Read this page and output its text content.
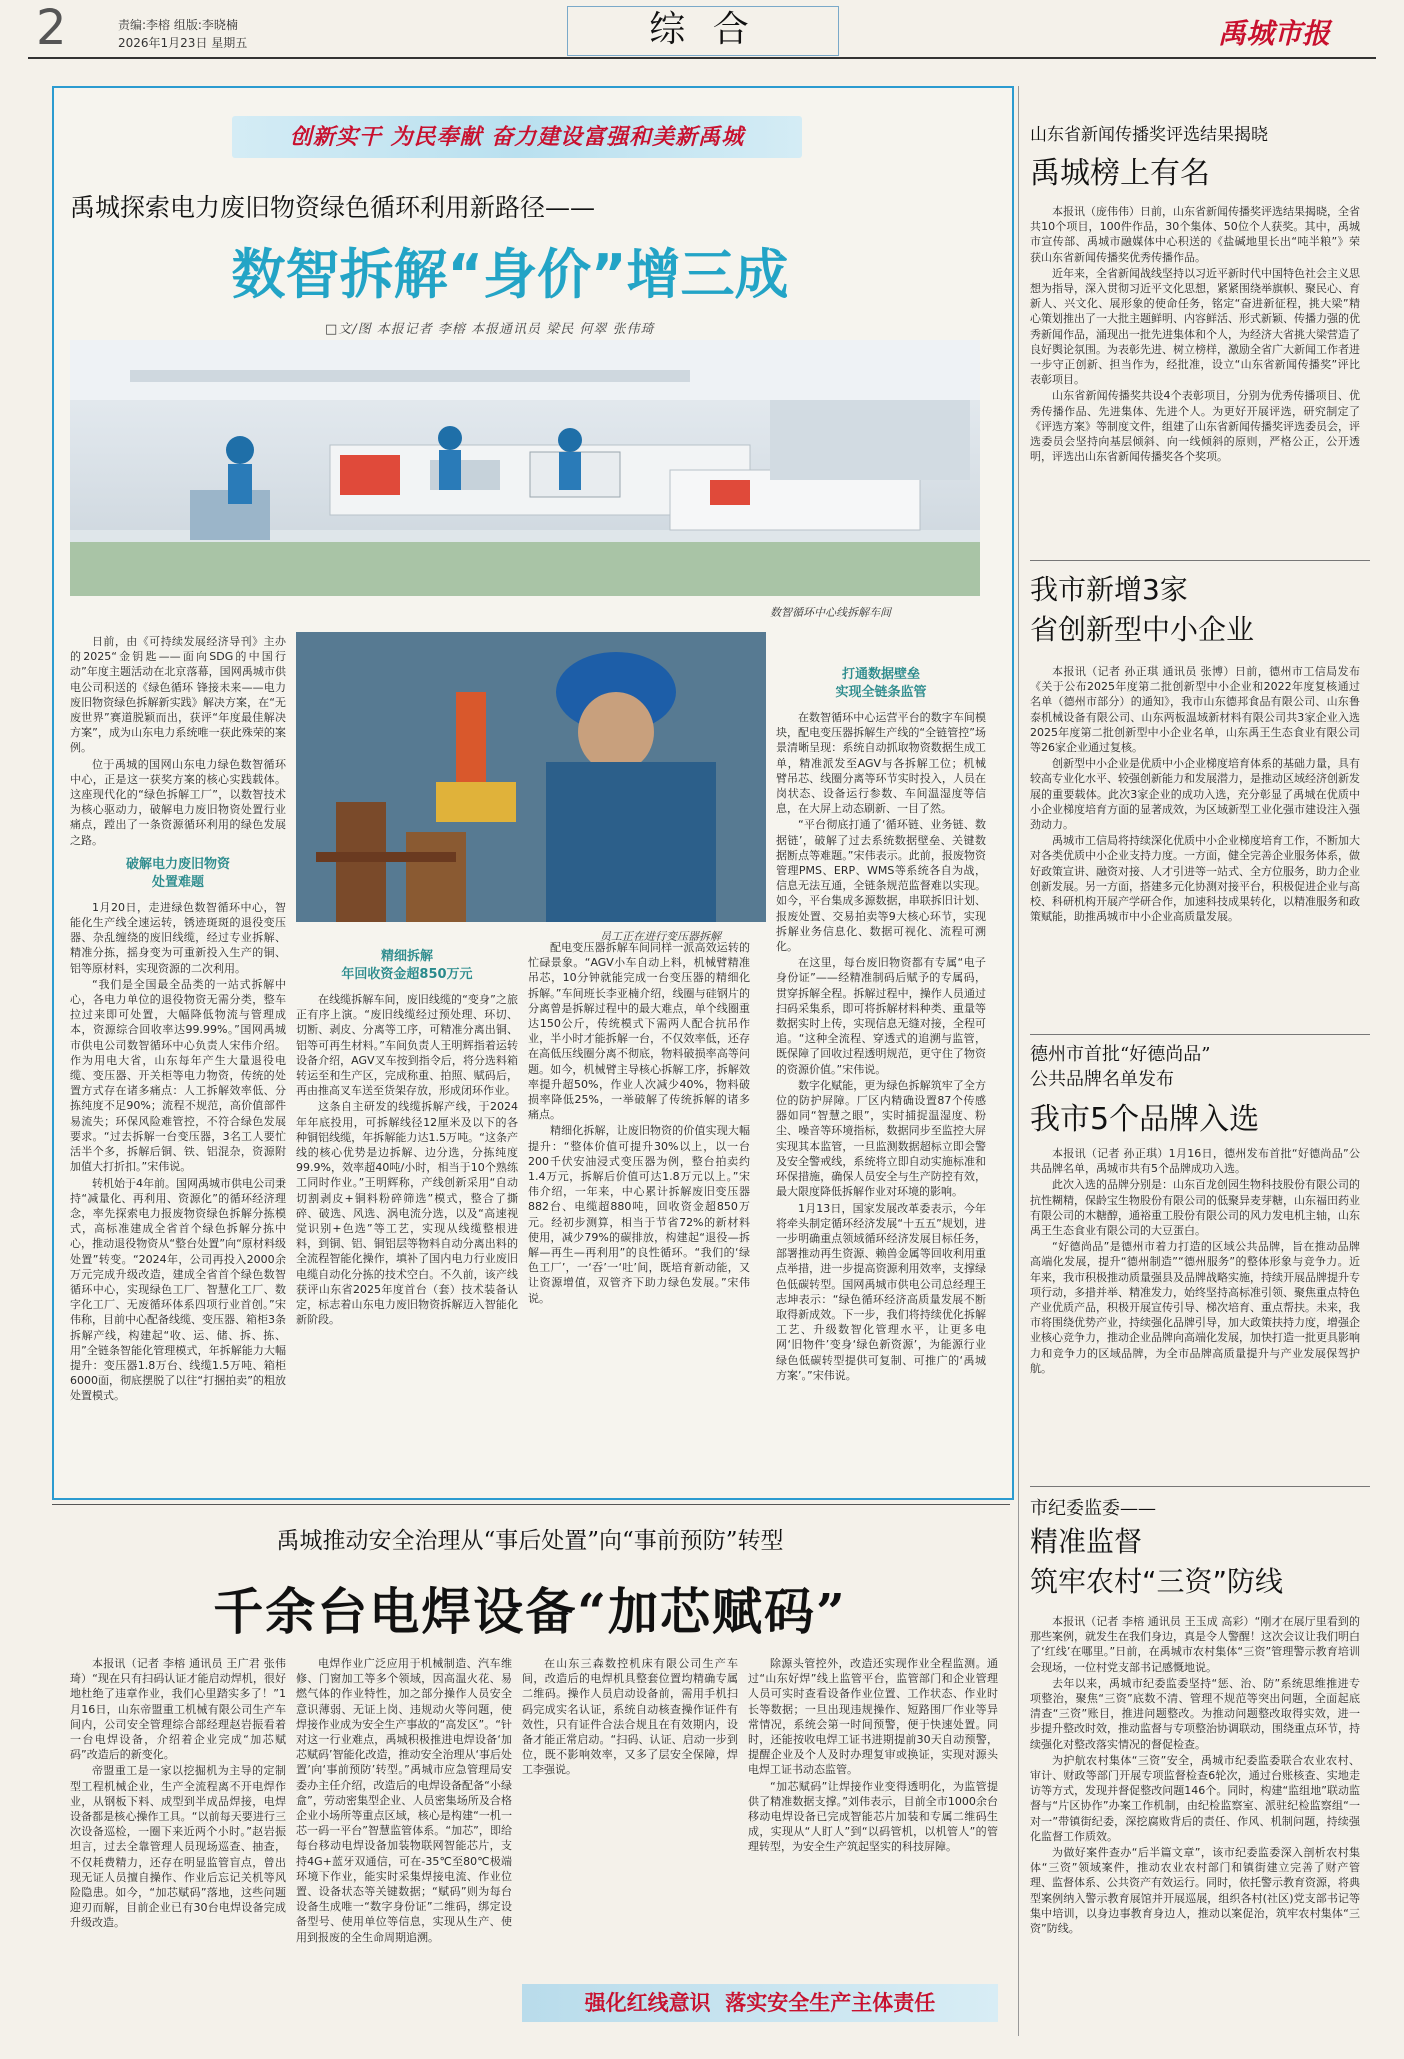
2	责编:李榕 组版:李晓楠
2026年1月23日 星期五	综 合	禹城市报
创新实干 为民奉献 奋力建设富强和美新禹城
禹城探索电力废旧物资绿色循环利用新路径——
数智拆解“身价”增三成
□文/图 本报记者 李榕 本报通讯员 梁民 何翠 张伟琦
数智循环中心线拆解车间
员工正在进行变压器拆解

日前，由《可持续发展经济导刊》主办的2025“金钥匙——面向SDG的中国行动”年度主题活动在北京落幕，国网禹城市供电公司积送的《绿色循环 锋接未来——电力废旧物资绿色拆解新实践》解决方案，在“无废世界”赛道脱颖而出，获评“年度最佳解决方案”，成为山东电力系统唯一获此殊荣的案例。

位于禹城的国网山东电力绿色数智循环中心，正是这一获奖方案的核心实践载体。这座现代化的“绿色拆解工厂”，以数智技术为核心驱动力，破解电力废旧物资处置行业痛点，蹚出了一条资源循环利用的绿色发展之路。

破解电力废旧物资
处置难题

1月20日，走进绿色数智循环中心，智能化生产线全速运转，锈迹斑斑的退役变压器、杂乱缠绕的废旧线缆，经过专业拆解、精准分拣，摇身变为可重新投入生产的铜、铝等原材料，实现资源的二次利用。

“我们是全国最全品类的一站式拆解中心，各电力单位的退役物资无需分类，整车拉过来即可处置，大幅降低物流与管理成本，资源综合回收率达99.99%。”国网禹城市供电公司数智循环中心负责人宋伟介绍。作为用电大省，山东每年产生大量退役电缆、变压器、开关柜等电力物资，传统的处置方式存在诸多痛点：人工拆解效率低、分拣纯度不足90%；流程不规范，高价值部件易流失；环保风险难管控，不符合绿色发展要求。“过去拆解一台变压器，3名工人要忙活半个多，拆解后铜、铁、铝混杂，资源附加值大打折扣。”宋伟说。

转机始于4年前。国网禹城市供电公司秉持“减量化、再利用、资源化”的循环经济理念，率先探索电力报废物资绿色拆解分拣模式，高标准建成全省首个绿色拆解分拣中心，推动退役物资从“整台处置”向“原材料级处置”转变。“2024年，公司再投入2000余万元完成升级改造，建成全省首个绿色数智循环中心，实现绿色工厂、智慧化工厂、数字化工厂、无废循环体系四项行业首创。”宋伟称，目前中心配备线缆、变压器、箱柜3条拆解产线，构建起“收、运、储、拆、拣、用”全链条智能化管理模式，年拆解能力大幅提升：变压器1.8万台、线缆1.5万吨、箱柜6000面，彻底摆脱了以往“打捆拍卖”的粗放处置模式。

精细拆解
年回收资金超850万元

在线缆拆解车间，废旧线缆的“变身”之旅正有序上演。“废旧线缆经过预处理、环切、切断、剥皮、分离等工序，可精准分离出铜、铝等可再生材料。”车间负责人王明辉指着运转设备介绍，AGV叉车按到指令后，将分选料箱转运至和生产区，完成称重、拍照、赋码后，再由推高叉车送至货架存放，形成闭环作业。

这条自主研发的线缆拆解产线，于2024年年底投用，可拆解线径12厘米及以下的各种铜铝线缆，年拆解能力达1.5万吨。“这条产线的核心优势是边拆解、边分选，分拣纯度99.9%，效率超40吨/小时，相当于10个熟练工同时作业。”王明辉称，产线创新采用“自动切割剥皮+铜料粉碎筛选”模式，整合了撕碎、破选、风选、涡电流分选，以及“高速视觉识别+色选”等工艺，实现从线缆整根进料，到铜、铝、铜铝层等物料自动分离出料的全流程智能化操作，填补了国内电力行业废旧电缆自动化分拣的技术空白。不久前，该产线获评山东省2025年度首台（套）技术装备认定，标志着山东电力废旧物资拆解迈入智能化新阶段。

配电变压器拆解车间同样一派高效运转的忙碌景象。“AGV小车自动上料，机械臂精准吊芯，10分钟就能完成一台变压器的精细化拆解。”车间班长李亚楠介绍，线圈与硅钢片的分离曾是拆解过程中的最大难点，单个线圈重达150公斤，传统模式下需两人配合抗吊作业，半小时才能拆解一台，不仅效率低，还存在高低压线圈分离不彻底，物料破损率高等问题。如今，机械臂主导核心拆解工序，拆解效率提升超50%，作业人次减少40%，物料破损率降低25%，一举破解了传统拆解的诸多痛点。

精细化拆解，让废旧物资的价值实现大幅提升：“整体价值可提升30%以上，以一台200千伏安油浸式变压器为例，整台拍卖约1.4万元，拆解后价值可达1.8万元以上。”宋伟介绍，一年来，中心累计拆解废旧变压器882台、电缆超880吨，回收资金超850万元。经初步测算，相当于节省72%的新材料使用，减少79%的碳排放，构建起“退役—拆解—再生—再利用”的良性循环。“我们的‘绿色工厂’，一‘吞’一‘吐’间，既培育新动能，又让资源增值，双管齐下助力绿色发展。”宋伟说。

打通数据壁垒
实现全链条监管

在数智循环中心运营平台的数字车间模块，配电变压器拆解生产线的“全链管控”场景清晰呈现：系统自动抓取物资数据生成工单，精准派发至AGV与各拆解工位；机械臂吊芯、线圈分离等环节实时投入，人员在岗状态、设备运行参数、车间温湿度等信息，在大屏上动态刷新、一目了然。

“平台彻底打通了‘循环链、业务链、数据链’，破解了过去系统数据壁垒、关键数据断点等难题。”宋伟表示。此前，报废物资管理PMS、ERP、WMS等系统各自为战，信息无法互通，全链条规范监督难以实现。如今，平台集成多源数据，串联拆旧计划、报废处置、交易拍卖等9大核心环节，实现拆解业务信息化、数据可视化、流程可溯化。

在这里，每台废旧物资都有专属“电子身份证”——经精准制码后赋予的专属码，贯穿拆解全程。拆解过程中，操作人员通过扫码采集系，即可将拆解材料种类、重量等数据实时上传，实现信息无缝对接，全程可追。“这种全流程、穿透式的追溯与监管，既保障了回收过程透明规范，更守住了物资的资源价值。”宋伟说。

数字化赋能，更为绿色拆解筑牢了全方位的防护屏障。厂区内精确设置87个传感器如同“智慧之眼”，实时捕捉温湿度、粉尘、噪音等环境指标，数据同步至监控大屏实现其本监管，一旦监测数据超标立即会警及安全警戒线，系统将立即自动实施标准和环保措施，确保人员安全与生产防控有效，最大限度降低拆解作业对环境的影响。

1月13日，国家发展改革委表示，今年将牵头制定循环经济发展“十五五”规划，进一步明确重点领域循环经济发展目标任务，部署推动再生资源、赖兽金属等回收利用重点举措，进一步提高资源利用效率，支撑绿色低碳转型。国网禹城市供电公司总经理王志坤表示：“绿色循环经济高质量发展不断取得新成效。下一步，我们将持续优化拆解工艺、升级数智化管理水平，让更多电网‘旧物件’变身‘绿色新资源’，为能源行业绿色低碳转型提供可复制、可推广的‘禹城方案’。”宋伟说。

禹城推动安全治理从“事后处置”向“事前预防”转型
千余台电焊设备“加芯赋码”

本报讯（记者 李榕 通讯员 王广君 张伟琦）“现在只有扫码认证才能启动焊机，很好地杜绝了违章作业，我们心里踏实多了！”1月16日，山东帝盟重工机械有限公司生产车间内，公司安全管理综合部经理赵岩振看着一台电焊设备，介绍着企业完成“加芯赋码”改造后的新变化。

帝盟重工是一家以挖掘机为主导的定制型工程机械企业，生产全流程离不开电焊作业，从钢板下料、成型到半成品焊接，电焊设备都是核心操作工具。“以前每天要进行三次设备巡检，一圈下来近两个小时。”赵岩振坦言，过去全靠管理人员现场巡查、抽查，不仅耗费精力，还存在明显监管盲点，曾出现无证人员擅自操作、作业后忘记关机等风险隐患。如今，“加芯赋码”落地，这些问题迎刃而解，目前企业已有30台电焊设备完成升级改造。

电焊作业广泛应用于机械制造、汽车维修、门窗加工等多个领域，因高温火花、易燃气体的作业特性，加之部分操作人员安全意识薄弱、无证上岗、违规动火等问题，使焊接作业成为安全生产事故的“高发区”。“针对这一行业难点，禹城积极推进电焊设备‘加芯赋码’智能化改造，推动安全治理从‘事后处置’向‘事前预防’转型。”禹城市应急管理局安委办主任介绍，改造后的电焊设备配备“小绿盒”，劳动密集型企业、人员密集场所及合格企业小场所等重点区域，核心是构建“一机一芯一码一平台”智慧监管体系。“加芯”，即给每台移动电焊设备加装物联网智能芯片，支持4G+蓝牙双通信，可在-35℃至80℃极端环境下作业，能实时采集焊接电流、作业位置、设备状态等关键数据；“赋码”则为每台设备生成唯一“数字身份证”二维码，绑定设备型号、使用单位等信息，实现从生产、使用到报废的全生命周期追溯。

在山东三森数控机床有限公司生产车间，改造后的电焊机具整套位置均精确专属二维码。操作人员启动设备前，需用手机扫码完成实名认证，系统自动核查操作证件有效性，只有证件合法合规且在有效期内，设备才能正常启动。“扫码、认证、启动一步到位，既不影响效率，又多了层安全保障，焊工李强说。

除源头管控外，改造还实现作业全程监测。通过“山东好焊”线上监管平台，监管部门和企业管理人员可实时查看设备作业位置、工作状态、作业时长等数据；一旦出现违规操作、短路围厂作业等异常情况，系统会第一时间预警，便于快速处置。同时，还能按收电焊工证书进期提前30天自动预警，提醒企业及个人及时办理复审或换证，实现对源头电焊工证书动态监管。

“加芯赋码”让焊接作业变得透明化，为监管提供了精准数据支撑。”刘伟表示，目前全市1000余台移动电焊设备已完成智能芯片加装和专属二维码生成，实现从“人盯人”到“以码管机，以机管人”的管理转型，为安全生产筑起坚实的科技屏障。

强化红线意识  落实安全生产主体责任
山东省新闻传播奖评选结果揭晓
禹城榜上有名

本报讯（庞伟伟）日前，山东省新闻传播奖评选结果揭晓，全省共10个项目，100件作品，30个集体、50位个人获奖。其中，禹城市宣传部、禹城市融媒体中心积送的《盐碱地里长出“吨半粮”》荣获山东省新闻传播奖优秀传播作品。

近年来，全省新闻战线坚持以习近平新时代中国特色社会主义思想为指导，深入贯彻习近平文化思想，紧紧围绕举旗帜、聚民心、育新人、兴文化、展形象的使命任务，铭定“奋进新征程，挑大梁”精心策划推出了一大批主题鲜明、内容鲜活、形式新颖、传播力强的优秀新闻作品，涌现出一批先进集体和个人，为经济大省挑大梁营造了良好舆论氛围。为表彰先进、树立榜样，激励全省广大新闻工作者进一步守正创新、担当作为，经批准，设立“山东省新闻传播奖”评比表彰项目。

山东省新闻传播奖共设4个表彰项目，分别为优秀传播项目、优秀传播作品、先进集体、先进个人。为更好开展评选，研究制定了《评选方案》等制度文件，组建了山东省新闻传播奖评选委员会，评选委员会坚持向基层倾斜、向一线倾斜的原则，严格公正，公开透明，评选出山东省新闻传播奖各个奖项。

我市新增3家
省创新型中小企业

本报讯（记者 孙正琪 通讯员 张博）日前，德州市工信局发布《关于公布2025年度第二批创新型中小企业和2022年度复核通过名单（德州市部分）的通知》，我市山东德邦食品有限公司、山东鲁泰机械设备有限公司、山东两板温域新材料有限公司共3家企业入选2025年度第二批创新型中小企业名单，山东禹王生态食业有限公司等26家企业通过复核。

创新型中小企业是优质中小企业梯度培育体系的基础力量，具有较高专业化水平、较强创新能力和发展潜力，是推动区域经济创新发展的重要载体。此次3家企业的成功入选，充分彰显了禹城在优质中小企业梯度培育方面的显著成效，为区域新型工业化强市建设注入强劲动力。

禹城市工信局将持续深化优质中小企业梯度培育工作，不断加大对各类优质中小企业支持力度。一方面，健全完善企业服务体系，做好政策宣讲、融资对接、人才引进等一站式、全方位服务，助力企业创新发展。另一方面，搭建多元化协测对接平台，积极促进企业与高校、科研机构开展产学研合作，加速科技成果转化，以精准服务和政策赋能，助推禹城市中小企业高质量发展。

德州市首批“好德尚品”
公共品牌名单发布
我市5个品牌入选

本报讯（记者 孙正琪）1月16日，德州发布首批“好德尚品”公共品牌名单，禹城市共有5个品牌成功入选。

此次入选的品牌分别是：山东百龙创园生物科技股份有限公司的抗性糊精，保龄宝生物股份有限公司的低聚异麦芽糖，山东福田药业有限公司的木糖醇，通裕重工股份有限公司的风力发电机主轴，山东禹王生态食业有限公司的大豆蛋白。

“好德尚品”是德州市着力打造的区域公共品牌，旨在推动品牌高端化发展，提升“德州制造”“德州服务”的整体形象与竞争力。近年来，我市积极推动质量强县及品牌战略实施，持续开展品牌提升专项行动，多措并举、精准发力，始终坚持高标准引领、聚焦重点特色产业优质产品，积极开展宣传引导、梯次培育、重点帮扶。未来，我市将围绕优势产业，持续强化品牌引导，加大政策扶持力度，增强企业核心竞争力，推动企业品牌向高端化发展，加快打造一批更具影响力和竞争力的区域品牌，为全市品牌高质量提升与产业发展保驾护航。

市纪委监委——
精准监督
筑牢农村“三资”防线

本报讯（记者 李榕 通讯员 王玉成 高彩）“刚才在展厅里看到的那些案例，就发生在我们身边，真是令人警醒！这次会议让我们明白了‘红线’在哪里。”日前，在禹城市农村集体“三资”管理警示教育培训会现场，一位村党支部书记感慨地说。

去年以来，禹城市纪委监委坚持“惩、治、防”系统思维推进专项整治，聚焦“三资”底数不清、管理不规范等突出问题，全面起底清查“三资”账目，推进问题整改。为推动问题整改取得实效，进一步提升整改时效，推动监督与专项整治协调联动，围绕重点环节，持续强化对整改落实情况的督促检查。

为护航农村集体“三资”安全，禹城市纪委监委联合农业农村、审计、财政等部门开展专项监督检查6轮次，通过台账核查、实地走访等方式，发现并督促整改问题146个。同时，构建“监组地”联动监督与“片区协作”办案工作机制，由纪检监察室、派驻纪检监察组“一对一”带镇街纪委，深挖腐败背后的责任、作风、机制问题，持续强化监督工作质效。

为做好案件查办“后半篇文章”，该市纪委监委深入剖析农村集体“三资”领域案件，推动农业农村部门和镇街建立完善了财产管理、监督体系、公共资产有效运行。同时，依托警示教育资源，将典型案例纳入警示教育展馆并开展巡展，组织各村(社区)党支部书记等集中培训，以身边事教育身边人，推动以案促治，筑牢农村集体“三资”防线。
